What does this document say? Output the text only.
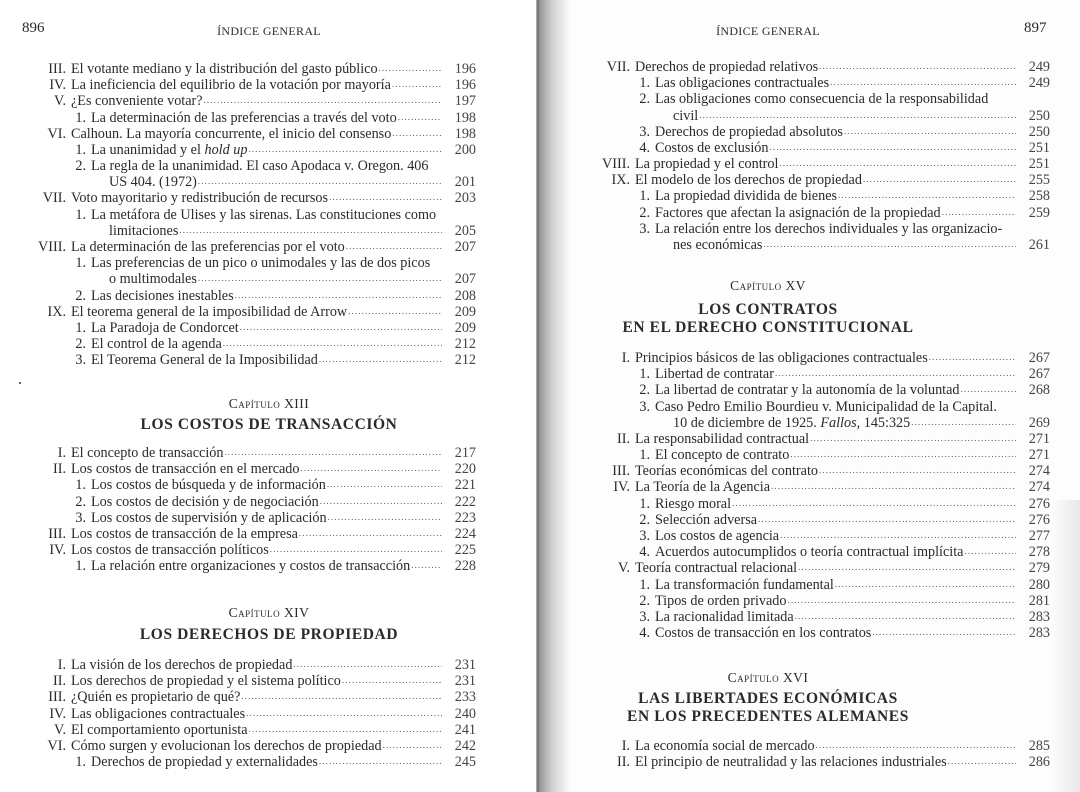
896	ÍNDICE GENERAL
III. El votante mediano y la distribución del gasto público .....	196
IV. La ineficiencia del equilibrio de la votación por mayoría .....	196
V. ¿Es conveniente votar? .....	197
1. La determinación de las preferencias a través del voto .....	198
VI. Calhoun. La mayoría concurrente, el inicio del consenso .....	198
1. La unanimidad y el hold up .....	200
2. La regla de la unanimidad. El caso Apodaca v. Oregon. 406
US 404. (1972) .....	201
VII. Voto mayoritario y redistribución de recursos .....	203
1. La metáfora de Ulises y las sirenas. Las constituciones como
limitaciones .....	205
VIII. La determinación de las preferencias por el voto .....	207
1. Las preferencias de un pico o unimodales y las de dos picos
o multimodales .....	207
2. Las decisiones inestables .....	208
IX. El teorema general de la imposibilidad de Arrow .....	209
1. La Paradoja de Condorcet .....	209
2. El control de la agenda .....	212
3. El Teorema General de la Imposibilidad .....	212
Capítulo XIII
LOS COSTOS DE TRANSACCIÓN
I. El concepto de transacción .....	217
II. Los costos de transacción en el mercado .....	220
1. Los costos de búsqueda y de información .....	221
2. Los costos de decisión y de negociación .....	222
3. Los costos de supervisión y de aplicación .....	223
III. Los costos de transacción de la empresa .....	224
IV. Los costos de transacción políticos .....	225
1. La relación entre organizaciones y costos de transacción .....	228
Capítulo XIV
LOS DERECHOS DE PROPIEDAD
I. La visión de los derechos de propiedad .....	231
II. Los derechos de propiedad y el sistema político .....	231
III. ¿Quién es propietario de qué? .....	233
IV. Las obligaciones contractuales .....	240
V. El comportamiento oportunista .....	241
VI. Cómo surgen y evolucionan los derechos de propiedad .....	242
1. Derechos de propiedad y externalidades .....	245
ÍNDICE GENERAL	897
VII. Derechos de propiedad relativos .....	249
1. Las obligaciones contractuales .....	249
2. Las obligaciones como consecuencia de la responsabilidad
civil .....	250
3. Derechos de propiedad absolutos .....	250
4. Costos de exclusión .....	251
VIII. La propiedad y el control .....	251
IX. El modelo de los derechos de propiedad .....	255
1. La propiedad dividida de bienes .....	258
2. Factores que afectan la asignación de la propiedad .....	259
3. La relación entre los derechos individuales y las organizacio-
nes económicas .....	261
Capítulo XV
LOS CONTRATOS
EN EL DERECHO CONSTITUCIONAL
I. Principios básicos de las obligaciones contractuales .....	267
1. Libertad de contratar .....	267
2. La libertad de contratar y la autonomía de la voluntad .....	268
3. Caso Pedro Emilio Bourdieu v. Municipalidad de la Capital.
10 de diciembre de 1925. Fallos, 145:325 .....	269
II. La responsabilidad contractual .....	271
1. El concepto de contrato .....	271
III. Teorías económicas del contrato .....	274
IV. La Teoría de la Agencia .....	274
1. Riesgo moral .....	276
2. Selección adversa .....	276
3. Los costos de agencia .....	277
4. Acuerdos autocumplidos o teoría contractual implícita .....	278
V. Teoría contractual relacional .....	279
1. La transformación fundamental .....	280
2. Tipos de orden privado .....	281
3. La racionalidad limitada .....	283
4. Costos de transacción en los contratos .....	283
Capítulo XVI
LAS LIBERTADES ECONÓMICAS
EN LOS PRECEDENTES ALEMANES
I. La economía social de mercado .....	285
II. El principio de neutralidad y las relaciones industriales .....	286
